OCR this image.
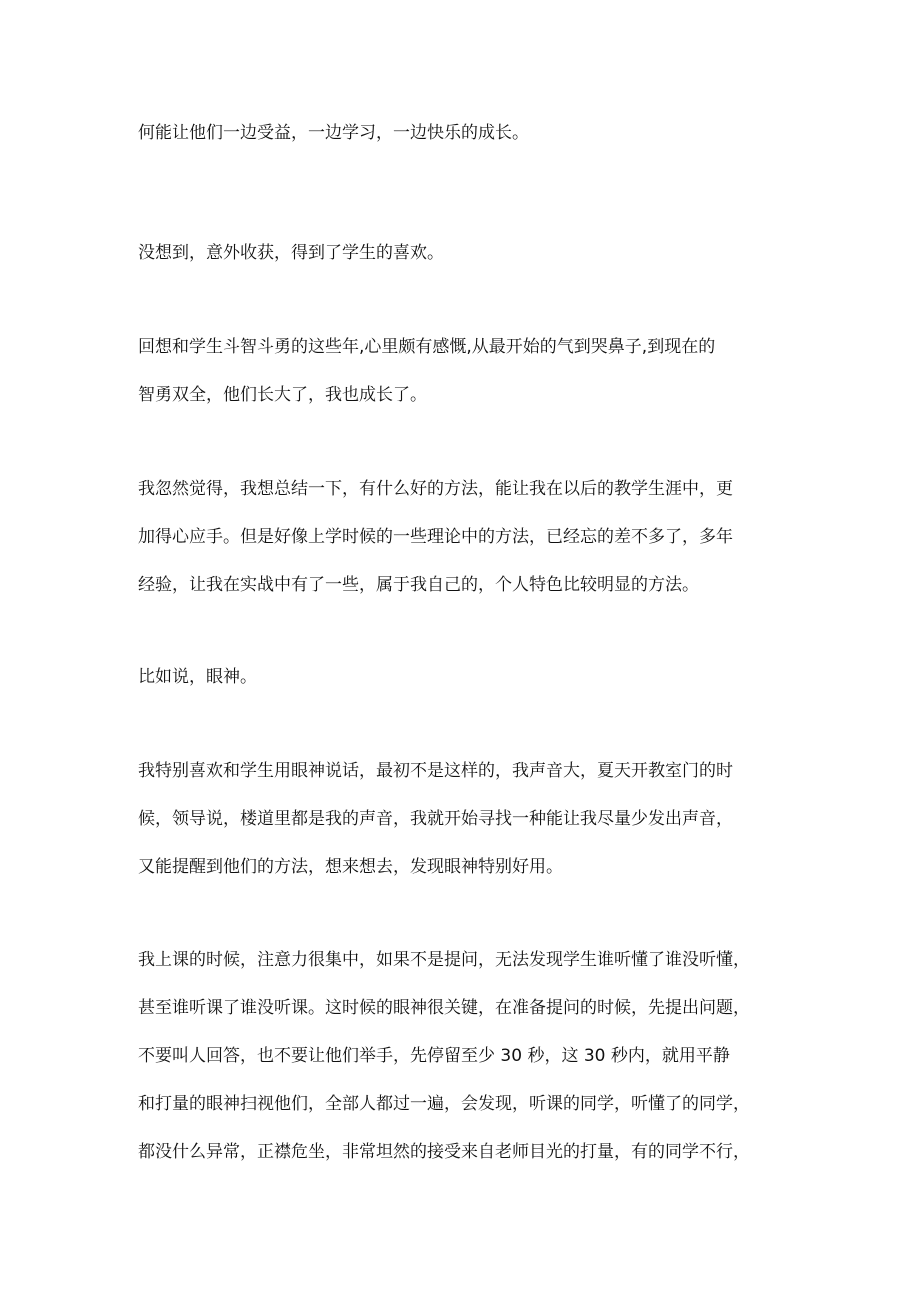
何能让他们一边受益，一边学习，一边快乐的成长。

没想到，意外收获，得到了学生的喜欢。

回想和学生斗智斗勇的这些年,心里颇有感慨,从最开始的气到哭鼻子,到现在的

智勇双全，他们长大了，我也成长了。

我忽然觉得，我想总结一下，有什么好的方法，能让我在以后的教学生涯中，更

加得心应手。但是好像上学时候的一些理论中的方法，已经忘的差不多了，多年

经验，让我在实战中有了一些，属于我自己的，个人特色比较明显的方法。

比如说，眼神。

我特别喜欢和学生用眼神说话，最初不是这样的，我声音大，夏天开教室门的时

候，领导说，楼道里都是我的声音，我就开始寻找一种能让我尽量少发出声音，

又能提醒到他们的方法，想来想去，发现眼神特别好用。

我上课的时候，注意力很集中，如果不是提问，无法发现学生谁听懂了谁没听懂，

甚至谁听课了谁没听课。这时候的眼神很关键，在准备提问的时候，先提出问题，

不要叫人回答，也不要让他们举手，先停留至少 30 秒，这 30 秒内，就用平静

和打量的眼神扫视他们，全部人都过一遍，会发现，听课的同学，听懂了的同学，

都没什么异常，正襟危坐，非常坦然的接受来自老师目光的打量，有的同学不行，
